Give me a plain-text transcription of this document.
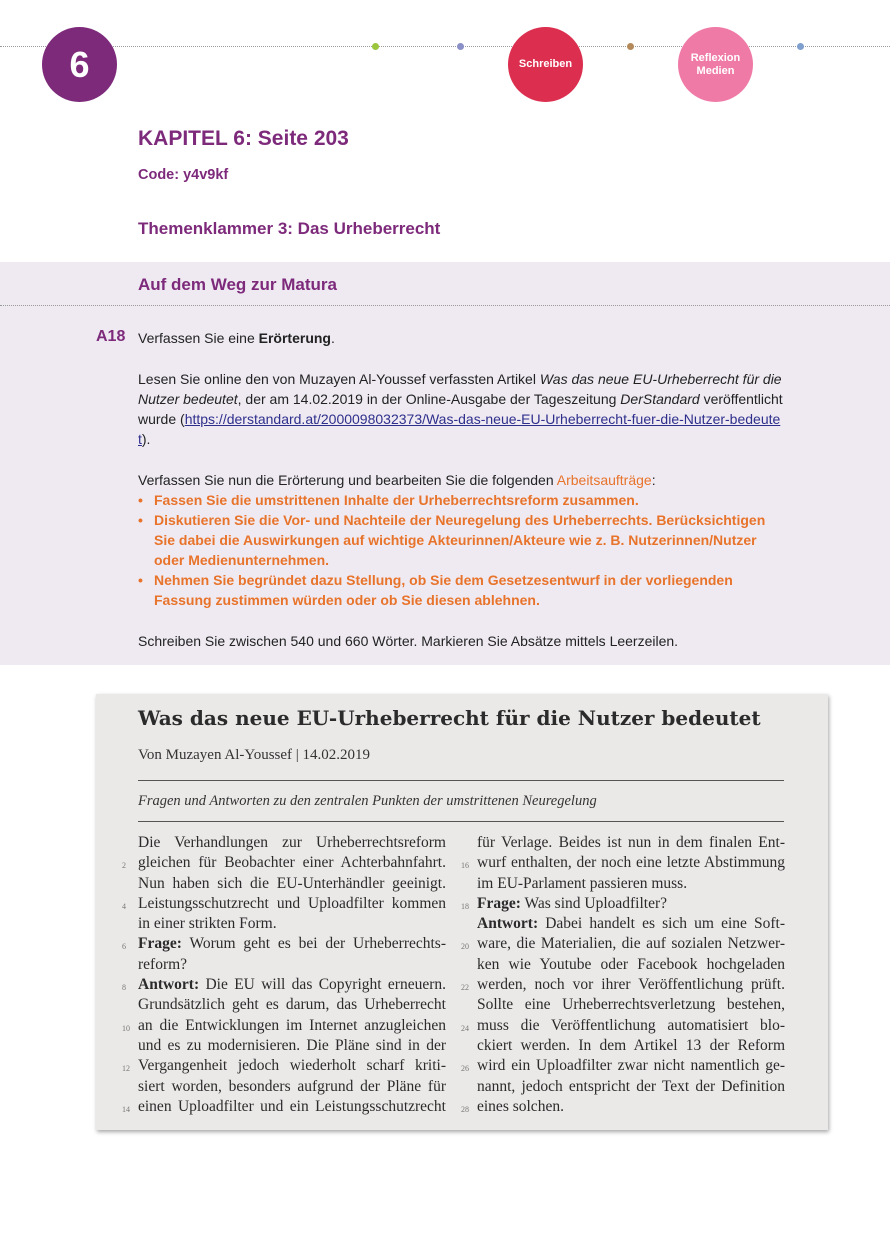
6	Schreiben
Reflexion Medien
KAPITEL 6: Seite 203
Code: y4v9kf
Themenklammer 3: Das Urheberrecht
Auf dem Weg zur Matura
A18 Verfassen Sie eine Erörterung.

Lesen Sie online den von Muzayen Al-Youssef verfassten Artikel Was das neue EU-Urheberrecht für die Nutzer bedeutet, der am 14.02.2019 in der Online-Ausgabe der Tageszeitung DerStandard veröffentlicht wurde (https://derstandard.at/2000098032373/Was-das-neue-EU-Urheberrecht-fuer-die-Nutzer-bedeutet).

Verfassen Sie nun die Erörterung und bearbeiten Sie die folgenden Arbeitsaufträge:

• Fassen Sie die umstrittenen Inhalte der Urheberrechtsreform zusammen.
• Diskutieren Sie die Vor- und Nachteile der Neuregelung des Urheberrechts. Berücksichtigen Sie dabei die Auswirkungen auf wichtige Akteurinnen/Akteure wie z. B. Nutzerinnen/Nutzer oder Medienunternehmen.
• Nehmen Sie begründet dazu Stellung, ob Sie dem Gesetzesentwurf in der vorliegenden Fassung zustimmen würden oder ob Sie diesen ablehnen.
Schreiben Sie zwischen 540 und 660 Wörter. Markieren Sie Absätze mittels Leerzeilen.
Was das neue EU-Urheberrecht für die Nutzer bedeutet
Von Muzayen Al-Youssef | 14.02.2019
Fragen und Antworten zu den zentralen Punkten der umstrittenen Neuregelung
Die Verhandlungen zur Urheberrechtsreform
2 gleichen für Beobachter einer Achterbahnfahrt.
Nun haben sich die EU-Unterhändler geeinigt.
4 Leistungsschutzrecht und Uploadfilter kommen
in einer strikten Form.
6 Frage: Worum geht es bei der Urheberrechts-
reform?
8 Antwort: Die EU will das Copyright erneuern.
Grundsätzlich geht es darum, das Urheberrecht
10 an die Entwicklungen im Internet anzugleichen
und es zu modernisieren. Die Pläne sind in der
12 Vergangenheit jedoch wiederholt scharf kriti-
siert worden, besonders aufgrund der Pläne für
14 einen Uploadfilter und ein Leistungsschutzrecht
für Verlage. Beides ist nun in dem finalen Ent-
16 wurf enthalten, der noch eine letzte Abstimmung
im EU-Parlament passieren muss.
18 Frage: Was sind Uploadfilter?
Antwort: Dabei handelt es sich um eine Soft-
20 ware, die Materialien, die auf sozialen Netzwer-
ken wie Youtube oder Facebook hochgeladen
22 werden, noch vor ihrer Veröffentlichung prüft.
Sollte eine Urheberrechtsverletzung bestehen,
24 muss die Veröffentlichung automatisiert blo-
ckiert werden. In dem Artikel 13 der Reform
26 wird ein Uploadfilter zwar nicht namentlich ge-
nannt, jedoch entspricht der Text der Definition
28 eines solchen.
